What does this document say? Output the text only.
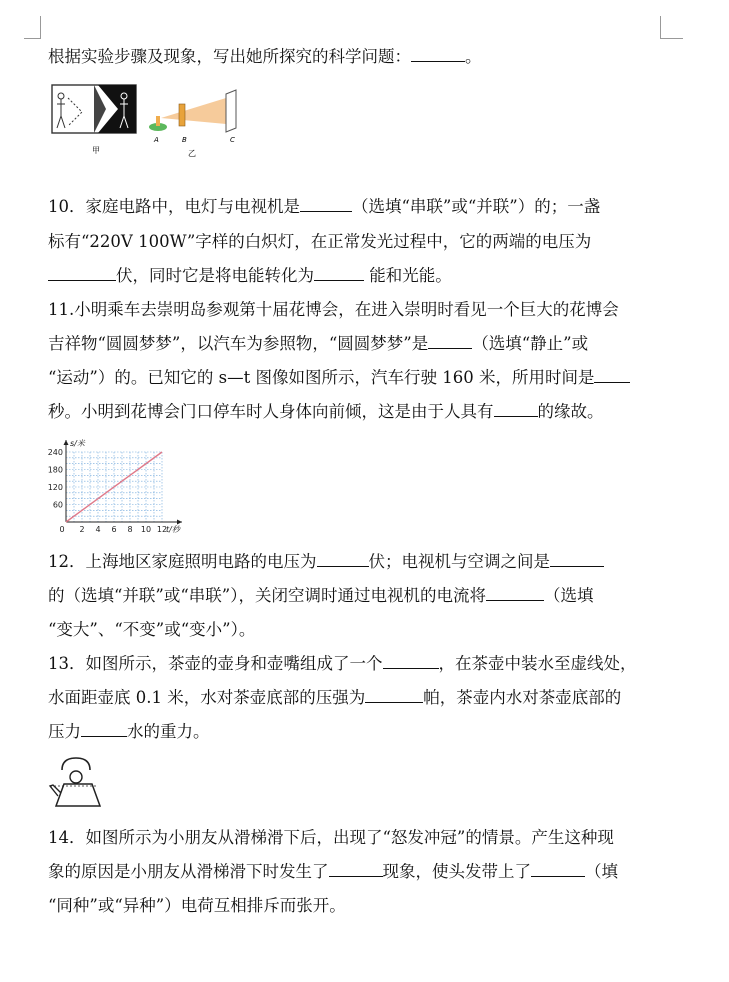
根据实验步骤及现象，写出她所探究的科学问题：	。
甲
A	B	C
乙
10．家庭电路中，电灯与电视机是	（选填“串联”或“并联”）的；一盏
标有“220V 100W”字样的白炽灯，在正常发光过程中，它的两端的电压为
伏，同时它是将电能转化为	能和光能。
11.小明乘车去崇明岛参观第十届花博会，在进入崇明时看见一个巨大的花博会
吉祥物“圆圆梦梦”，以汽车为参照物，“圆圆梦梦”是	（选填“静止”或
“运动”）的。已知它的 s—t 图像如图所示，汽车行驶 160 米，所用时间是
秒。小明到花博会门口停车时人身体向前倾，这是由于人具有	的缘故。
0 2 4 6 8 10 12
60
120
180
240
s/米
t/秒
12．上海地区家庭照明电路的电压为	伏；电视机与空调之间是
的（选填“并联”或“串联”），关闭空调时通过电视机的电流将	（选填
“变大”、“不变”或“变小”）。
13．如图所示，茶壶的壶身和壶嘴组成了一个	，在茶壶中装水至虚线处，
水面距壶底 0.1 米，水对茶壶底部的压强为	帕，茶壶内水对茶壶底部的
压力	水的重力。
14．如图所示为小朋友从滑梯滑下后，出现了“怒发冲冠”的情景。产生这种现
象的原因是小朋友从滑梯滑下时发生了	现象，使头发带上了	（填
“同种”或“异种”）电荷互相排斥而张开。
